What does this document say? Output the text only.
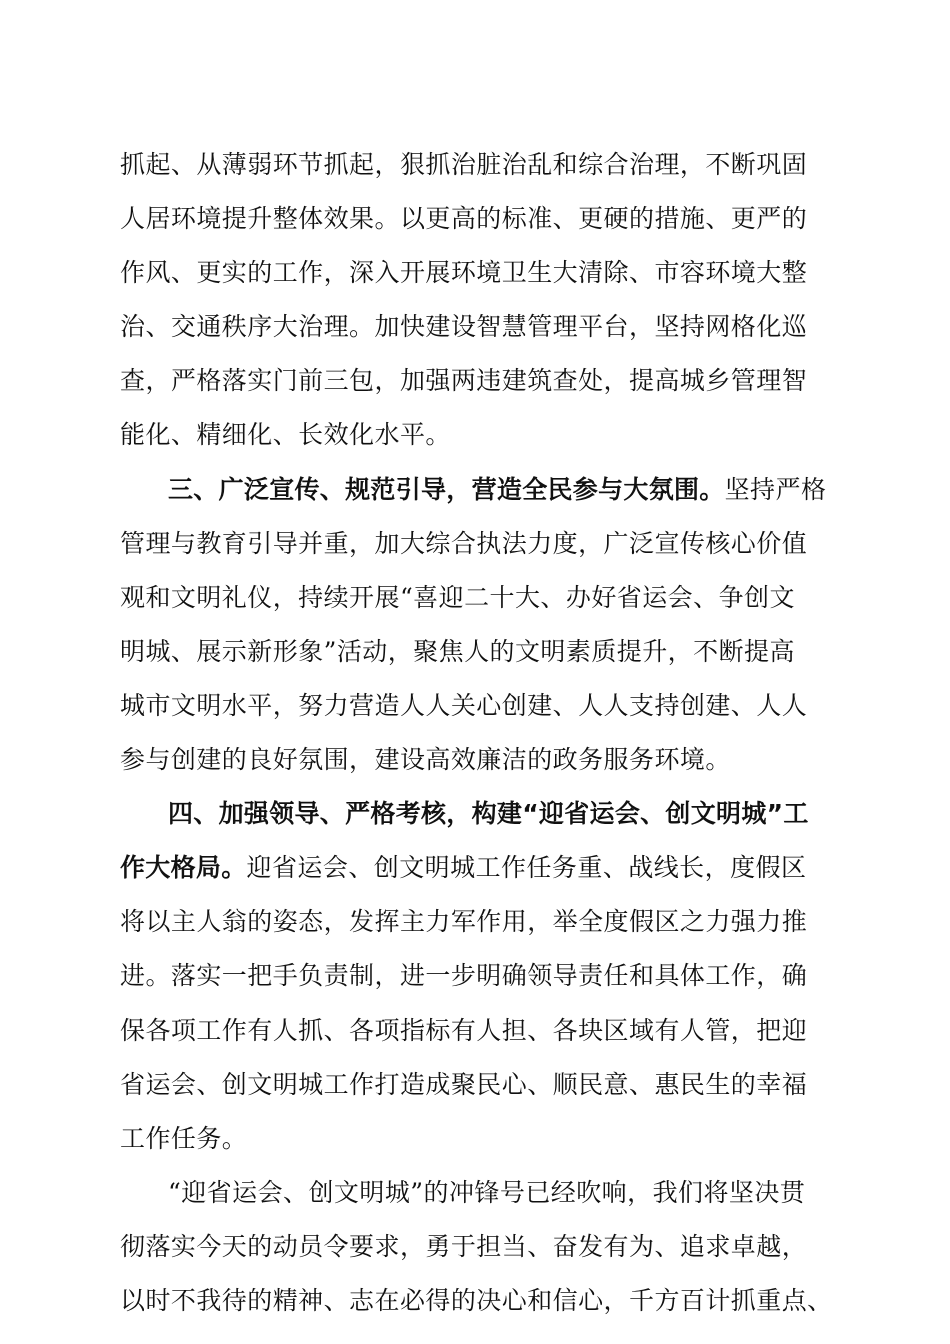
抓起、从薄弱环节抓起，狠抓治脏治乱和综合治理，不断巩固
人居环境提升整体效果。以更高的标准、更硬的措施、更严的
作风、更实的工作，深入开展环境卫生大清除、市容环境大整
治、交通秩序大治理。加快建设智慧管理平台，坚持网格化巡
查，严格落实门前三包，加强两违建筑查处，提高城乡管理智
能化、精细化、长效化水平。
三、广泛宣传、规范引导，营造全民参与大氛围。坚持严格
管理与教育引导并重，加大综合执法力度，广泛宣传核心价值
观和文明礼仪，持续开展“喜迎二十大、办好省运会、争创文
明城、展示新形象”活动，聚焦人的文明素质提升，不断提高
城市文明水平，努力营造人人关心创建、人人支持创建、人人
参与创建的良好氛围，建设高效廉洁的政务服务环境。
四、加强领导、严格考核，构建“迎省运会、创文明城”工
作大格局。迎省运会、创文明城工作任务重、战线长，度假区
将以主人翁的姿态，发挥主力军作用，举全度假区之力强力推
进。落实一把手负责制，进一步明确领导责任和具体工作，确
保各项工作有人抓、各项指标有人担、各块区域有人管，把迎
省运会、创文明城工作打造成聚民心、顺民意、惠民生的幸福
工作任务。
“迎省运会、创文明城”的冲锋号已经吹响，我们将坚决贯
彻落实今天的动员令要求，勇于担当、奋发有为、追求卓越，
以时不我待的精神、志在必得的决心和信心，千方百计抓重点、
